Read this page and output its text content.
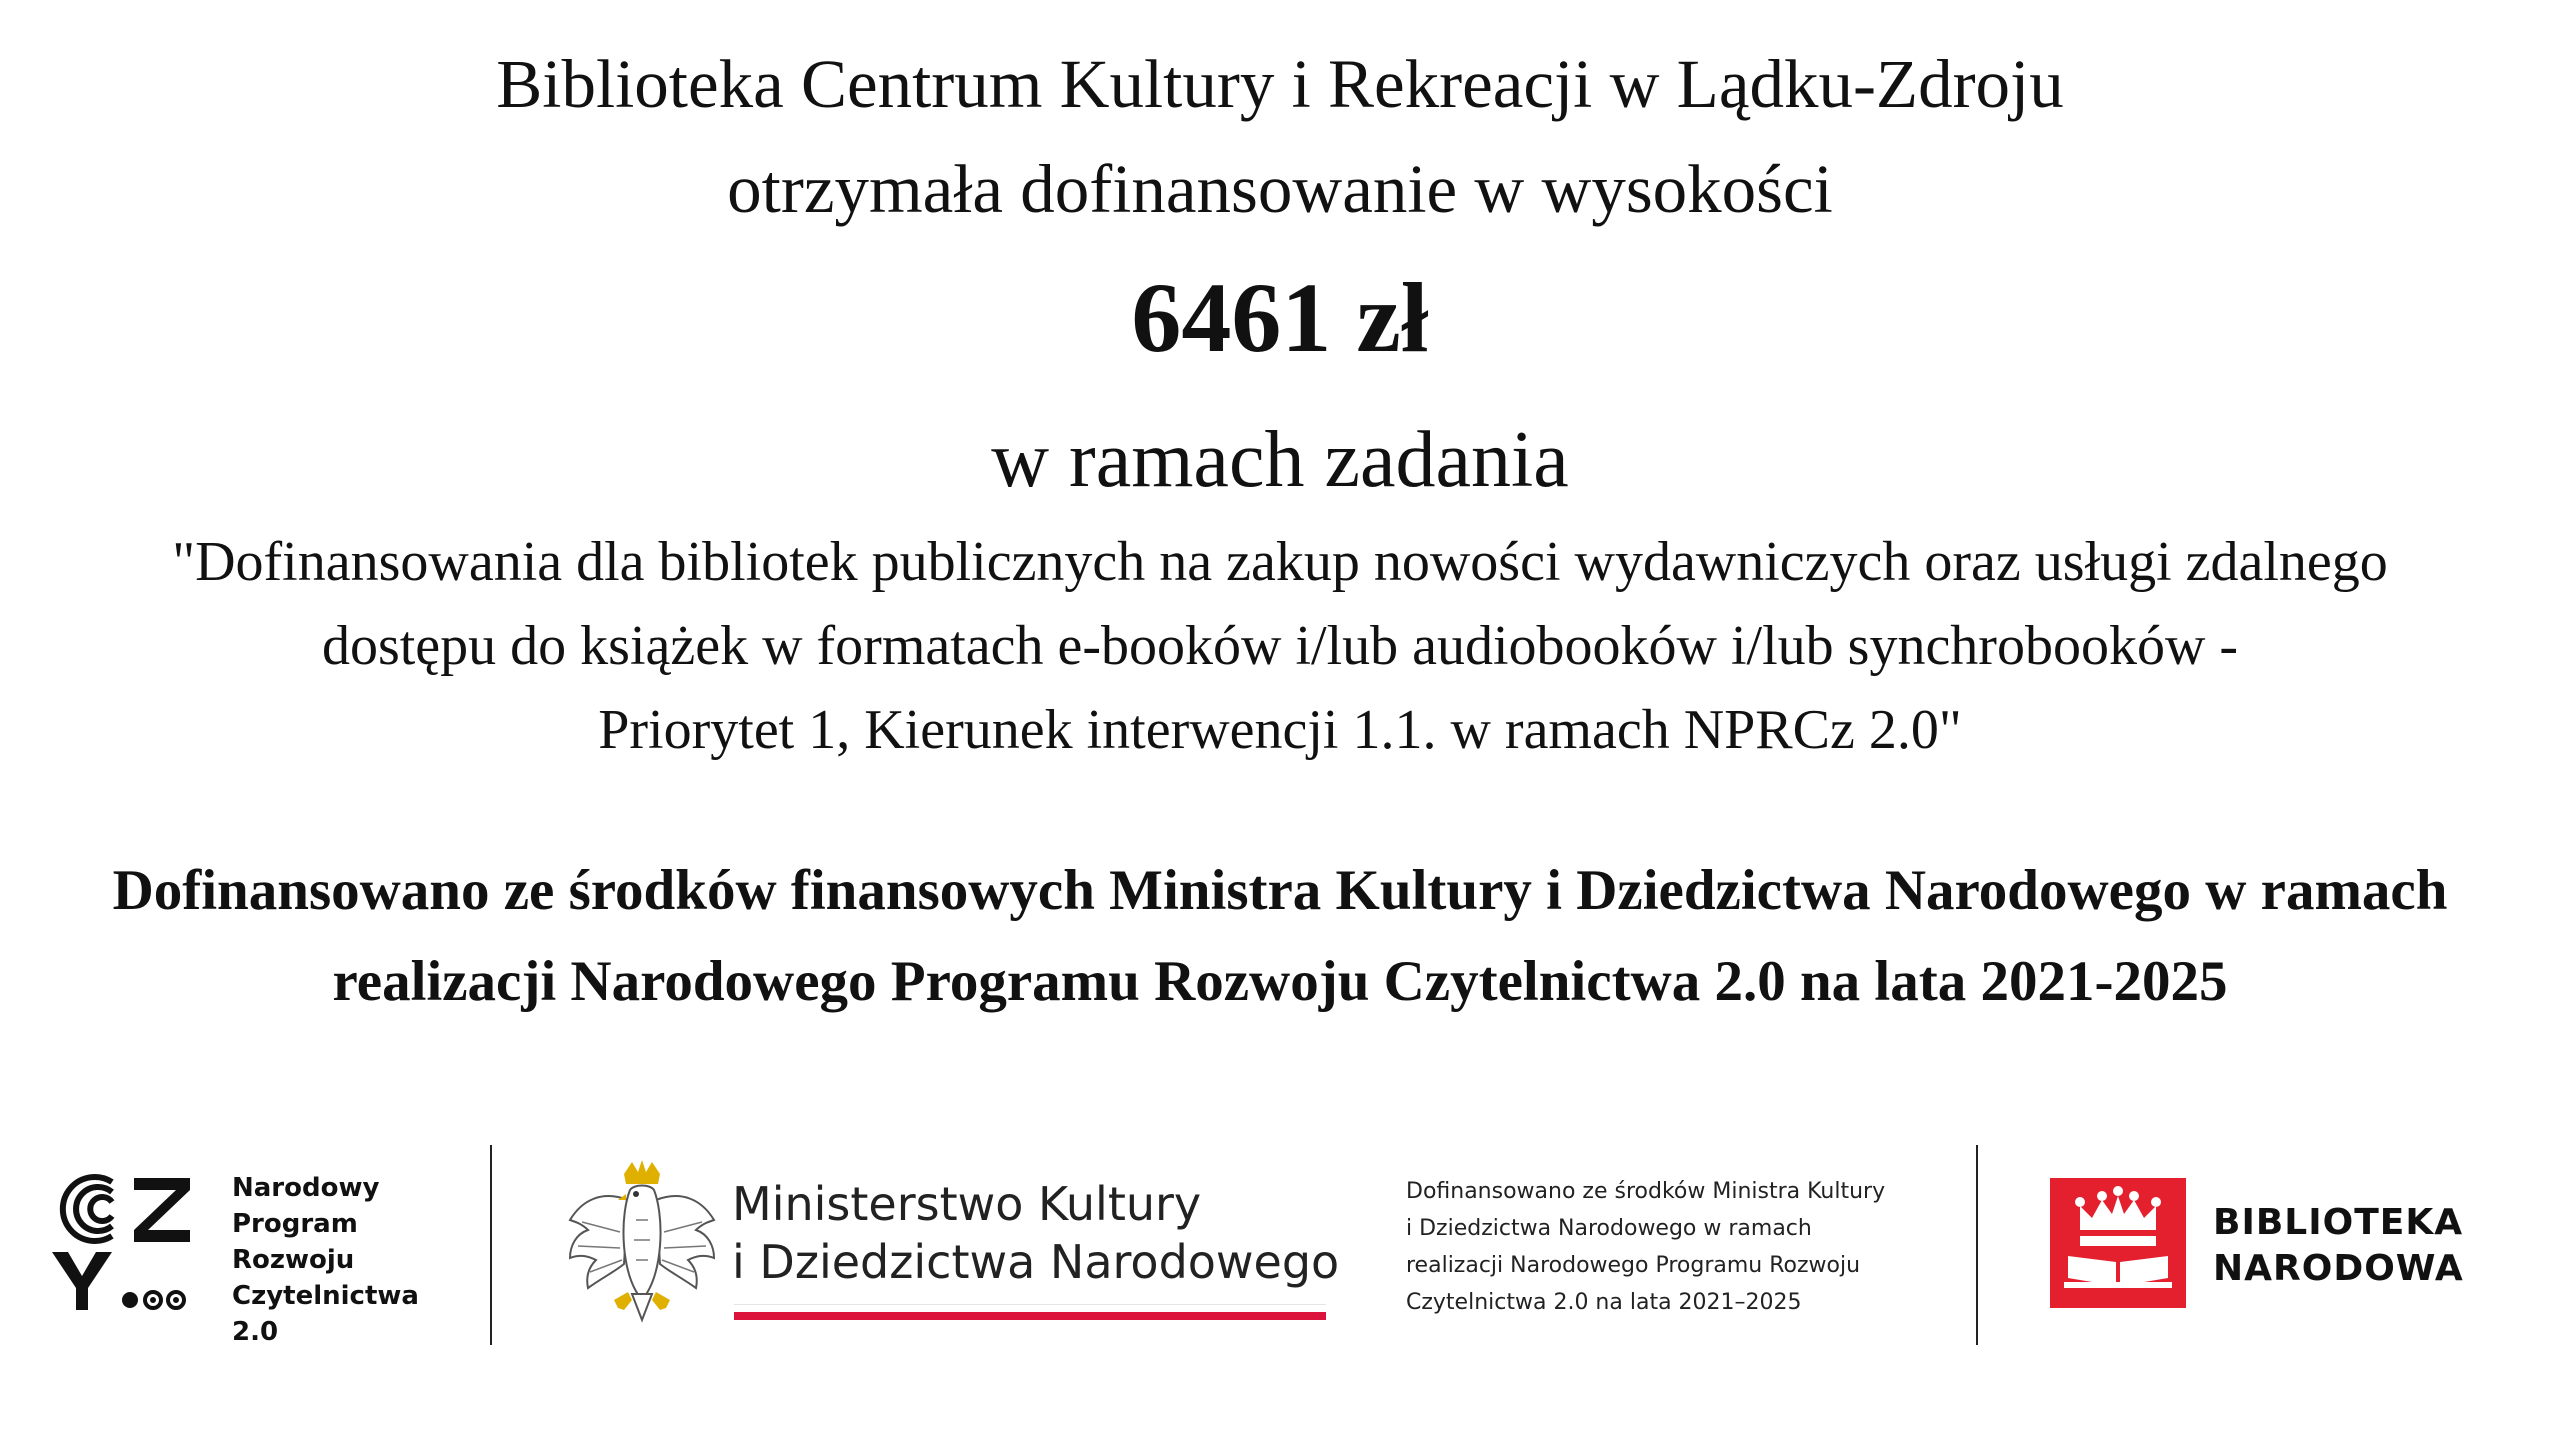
Biblioteka Centrum Kultury i Rekreacji w Lądku-Zdroju
otrzymała dofinansowanie w wysokości
6461 zł
w ramach zadania
"Dofinansowania dla bibliotek publicznych na zakup nowości wydawniczych oraz usługi zdalnego
dostępu do książek w formatach e-booków i/lub audiobooków i/lub synchrobooków -
Priorytet 1, Kierunek interwencji 1.1. w ramach NPRCz 2.0"
Dofinansowano ze środków finansowych Ministra Kultury i Dziedzictwa Narodowego w ramach
realizacji Narodowego Programu Rozwoju Czytelnictwa 2.0 na lata 2021-2025
Narodowy
Program
Rozwoju
Czytelnictwa
2.0
Ministerstwo Kultury
i Dziedzictwa Narodowego
Dofinansowano ze środków Ministra Kultury
i Dziedzictwa Narodowego w ramach
realizacji Narodowego Programu Rozwoju
Czytelnictwa 2.0 na lata 2021–2025
BIBLIOTEKA
NARODOWA
